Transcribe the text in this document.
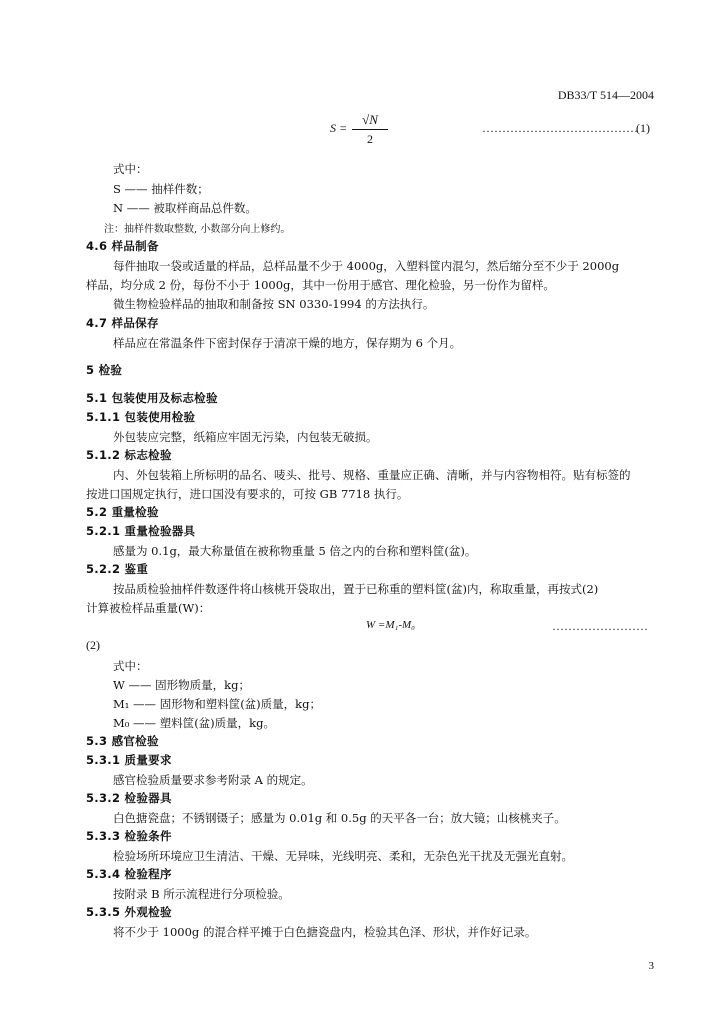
DB33/T 514—2004
S =
√N
2
…………………………………
(1)
式中：
S —— 抽样件数；
N —— 被取样商品总件数。
注：抽样件数取整数, 小数部分向上修约。
4.6 样品制备
每件抽取一袋或适量的样品，总样品量不少于 4000g，入塑料筐内混匀，然后缩分至不少于 2000g
样品，均分成 2 份，每份不小于 1000g，其中一份用于感官、理化检验，另一份作为留样。
微生物检验样品的抽取和制备按 SN 0330-1994 的方法执行。
4.7 样品保存
样品应在常温条件下密封保存于清凉干燥的地方，保存期为 6 个月。
5 检验
5.1 包装使用及标志检验
5.1.1 包装使用检验
外包装应完整，纸箱应牢固无污染，内包装无破损。
5.1.2 标志检验
内、外包装箱上所标明的品名、唛头、批号、规格、重量应正确、清晰，并与内容物相符。贴有标签的
按进口国规定执行，进口国没有要求的，可按 GB 7718 执行。
5.2 重量检验
5.2.1 重量检验器具
感量为 0.1g，最大称量值在被称物重量 5 倍之内的台称和塑料筐(盆)。
5.2.2 鉴重
按品质检验抽样件数逐件将山核桃开袋取出，置于已称重的塑料筐(盆)内，称取重量，再按式(2)
计算被检样品重量(W)：
W =M₁-M₀	……………………
(2)
式中：
W —— 固形物质量，kg；
M₁ —— 固形物和塑料筐(盆)质量，kg；
M₀ —— 塑料筐(盆)质量，kg。
5.3 感官检验
5.3.1 质量要求
感官检验质量要求参考附录 A 的规定。
5.3.2 检验器具
白色搪瓷盘；不锈钢镊子；感量为 0.01g 和 0.5g 的天平各一台；放大镜；山核桃夹子。
5.3.3 检验条件
检验场所环境应卫生清洁、干燥、无异味，光线明亮、柔和，无杂色光干扰及无强光直射。
5.3.4 检验程序
按附录 B 所示流程进行分项检验。
5.3.5 外观检验
将不少于 1000g 的混合样平摊于白色搪瓷盘内，检验其色泽、形状，并作好记录。
3
